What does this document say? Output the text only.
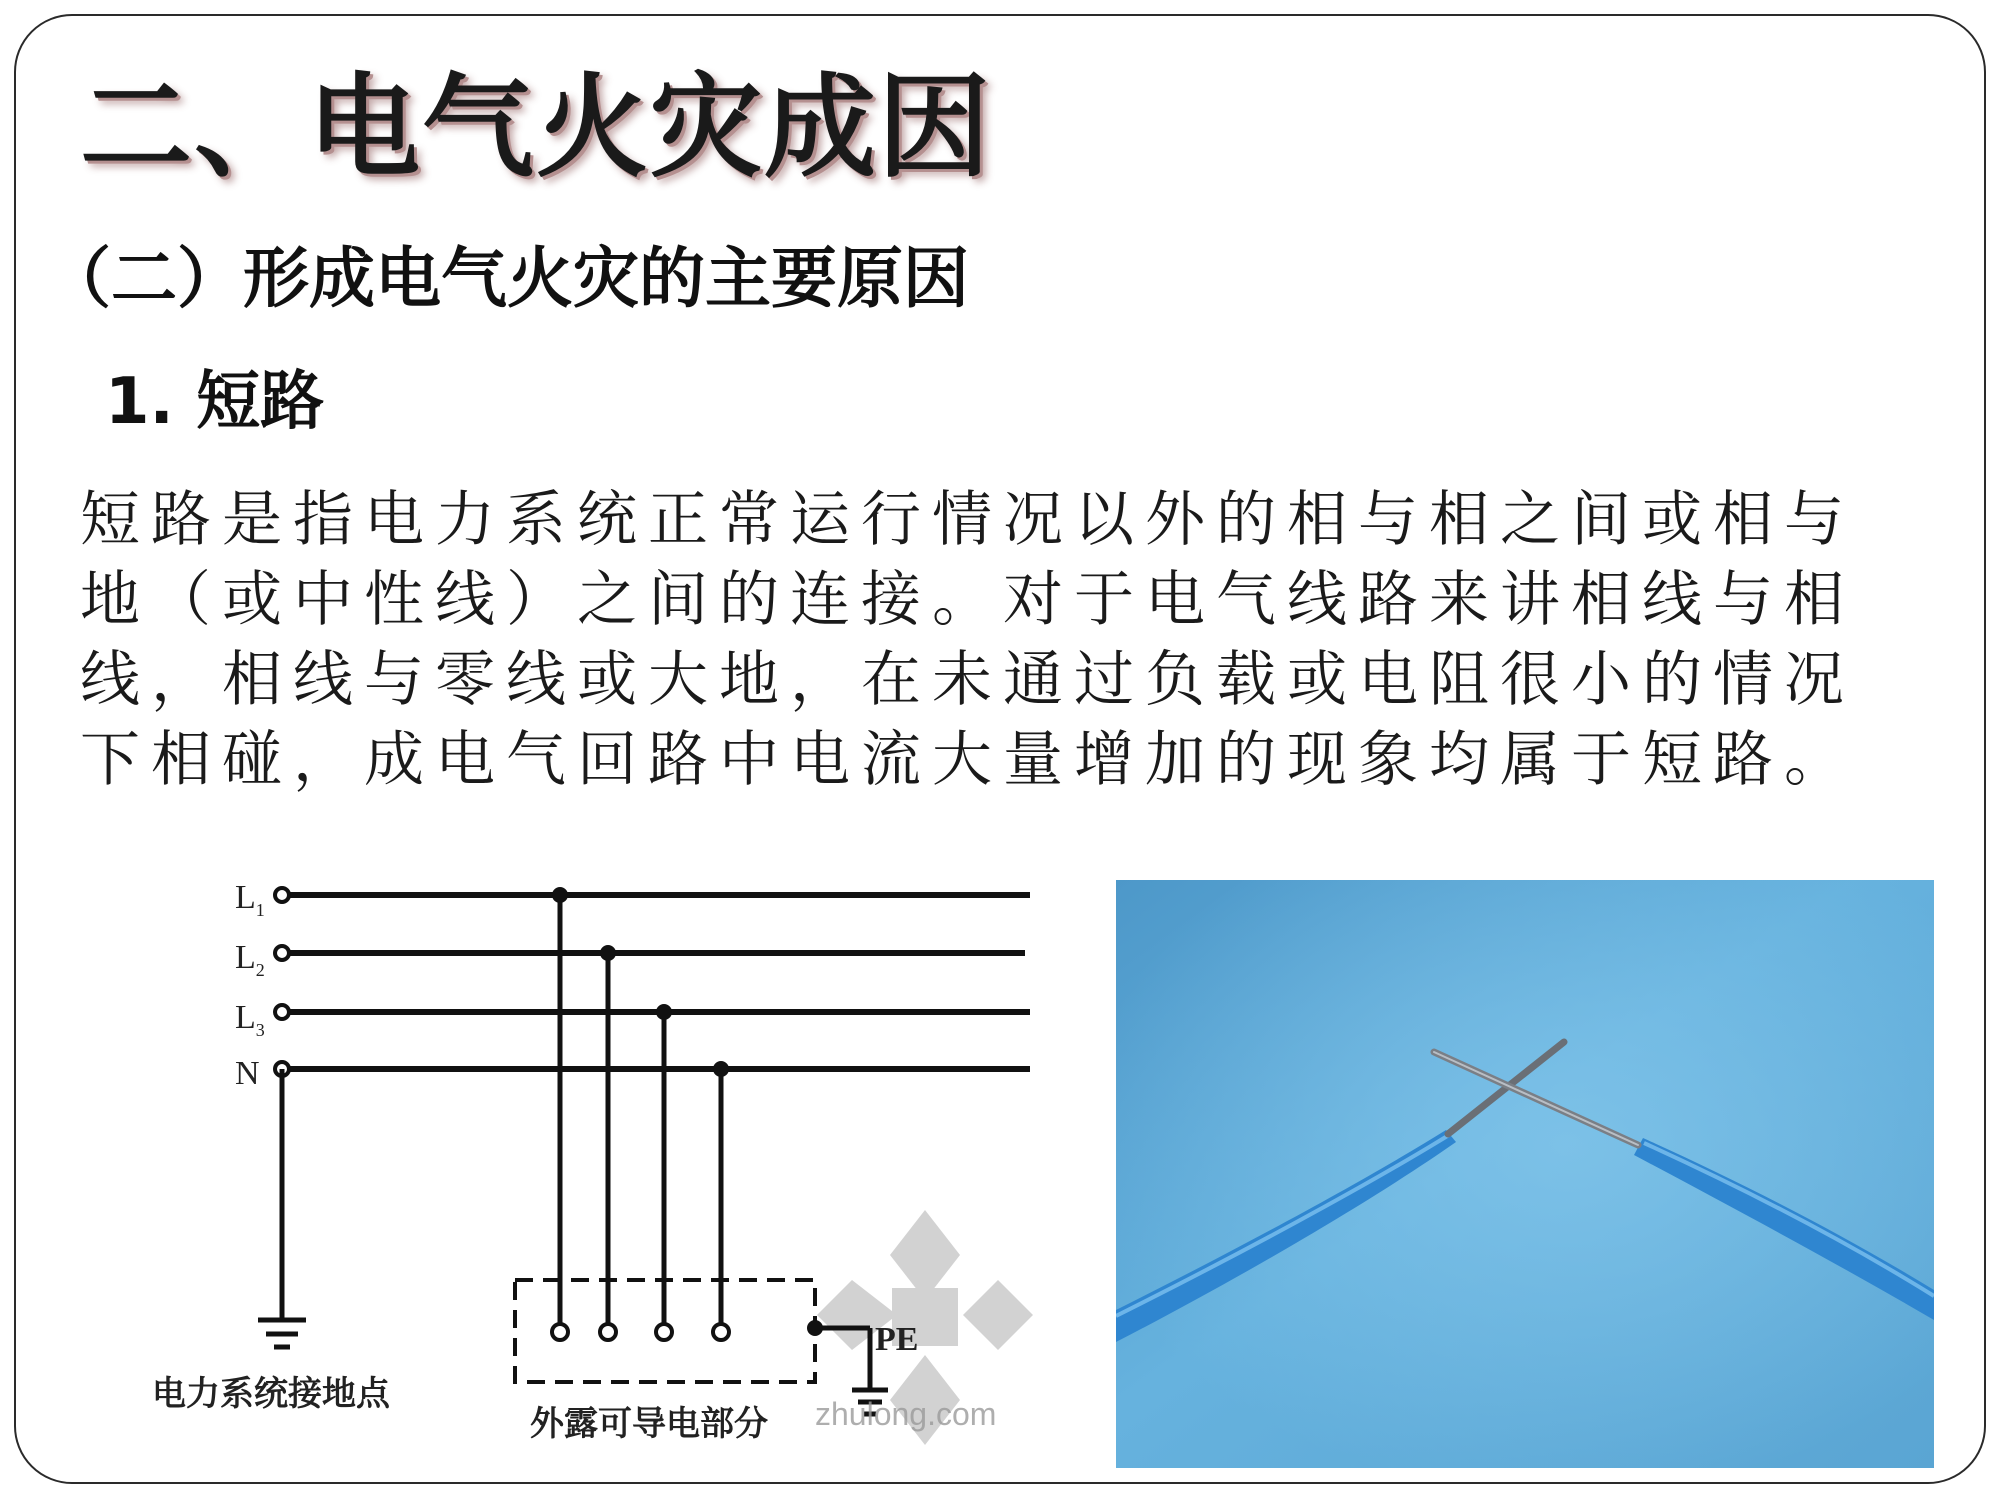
二、电气火灾成因
（二）形成电气火灾的主要原因
1. 短路

短路是指电力系统正常运行情况以外的相与相之间或相与地（或中性线）之间的连接。对于电气线路来讲相线与相线，相线与零线或大地，在未通过负载或电阻很小的情况下相碰，成电气回路中电流大量增加的现象均属于短路。

$L_1$
$L_2$
$L_3$
N
电力系统接地点
外露可导电部分
PE
zhulong.com
